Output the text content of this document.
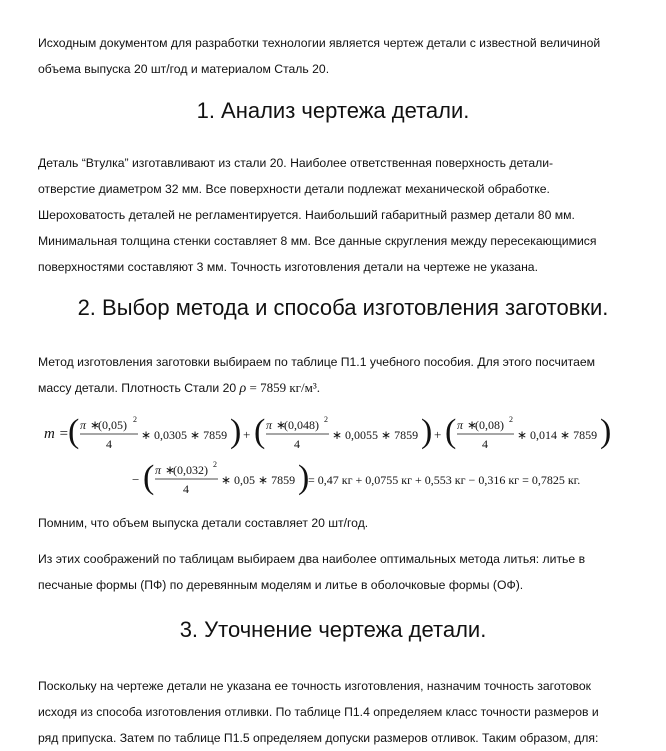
Исходным документом для разработки технологии является чертеж детали с известной величиной
объема выпуска 20 шт/год и материалом Сталь 20.

1. Анализ чертежа детали.

Деталь “Втулка” изготавливают из стали 20. Наиболее ответственная поверхность детали-
отверстие диаметром 32 мм. Все поверхности детали подлежат механической обработке.
Шероховатость деталей не регламентируется. Наибольший габаритный размер детали 80 мм.
Минимальная толщина стенки составляет 8 мм. Все данные скругления между пересекающимися
поверхностями составляют 3 мм. Точность изготовления детали на чертеже не указана.

2. Выбор метода и способа изготовления заготовки.

Метод изготовления заготовки выбираем по таблице П1.1 учебного пособия. Для этого посчитаем
массу детали. Плотность Стали 20 ρ = 7859 кг/м³.

m = ( π ∗
(0,05) 2
4
∗ 0,0305 ∗ 7859 ) + ( π ∗
(0,048) 2
4
∗ 0,0055 ∗ 7859 ) + ( π ∗
(0,08) 2
4
∗ 0,014 ∗ 7859 )
− ( π ∗
(0,032) 2
4
∗ 0,05 ∗ 7859 )
= 0,47 кг + 0,0755 кг + 0,553 кг − 0,316 кг = 0,7825 кг.

Помним, что объем выпуска детали составляет 20 шт/год.

Из этих соображений по таблицам выбираем два наиболее оптимальных метода литья: литье в
песчаные формы (ПФ) по деревянным моделям и литье в оболочковые формы (ОФ).

3. Уточнение чертежа детали.

Поскольку на чертеже детали не указана ее точность изготовления, назначим точность заготовок
исходя из способа изготовления отливки. По таблице П1.4 определяем класс точности размеров и
ряд припуска. Затем по таблице П1.5 определяем допуски размеров отливок. Таким образом, для:
